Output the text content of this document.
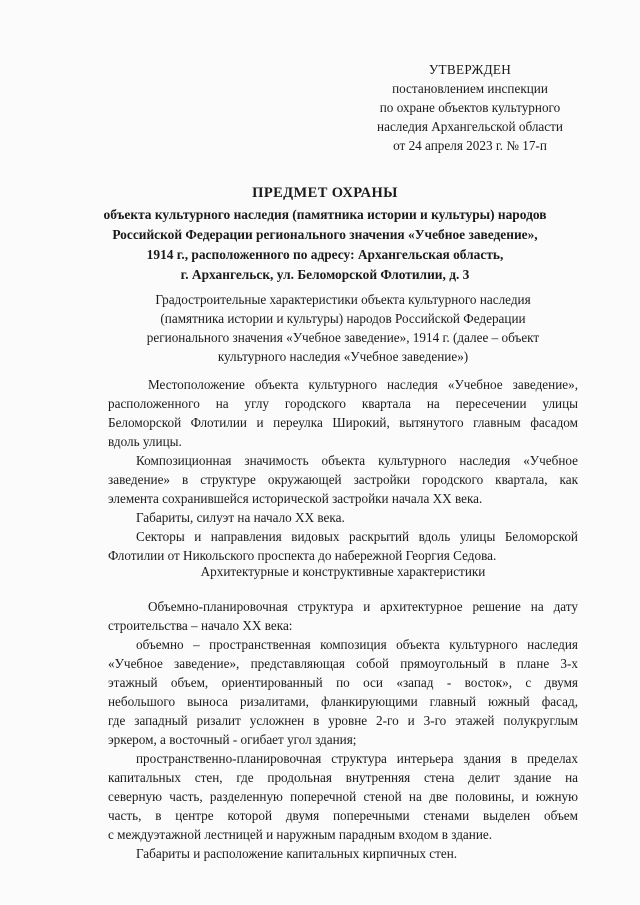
УТВЕРЖДЕН
постановлением инспекции
по охране объектов культурного
наследия Архангельской области
от 24 апреля 2023 г. № 17-п
ПРЕДМЕТ ОХРАНЫ
объекта культурного наследия (памятника истории и культуры) народов
Российской Федерации регионального значения «Учебное заведение»,
1914 г., расположенного по адресу: Архангельская область,
г. Архангельск, ул. Беломорской Флотилии, д. 3
Градостроительные характеристики объекта культурного наследия
(памятника истории и культуры) народов Российской Федерации
регионального значения «Учебное заведение», 1914 г. (далее – объект
культурного наследия «Учебное заведение»)
Местоположение объекта культурного наследия «Учебное заведение»,
расположенного на углу городского квартала на пересечении улицы
Беломорской Флотилии и переулка Широкий, вытянутого главным фасадом
вдоль улицы.
Композиционная значимость объекта культурного наследия «Учебное
заведение» в структуре окружающей застройки городского квартала, как
элемента сохранившейся исторической застройки начала XX века.
Габариты, силуэт на начало XX века.
Секторы и направления видовых раскрытий вдоль улицы Беломорской
Флотилии от Никольского проспекта до набережной Георгия Седова.
Архитектурные и конструктивные характеристики
Объемно-планировочная структура и архитектурное решение на дату
строительства – начало XX века:
объемно – пространственная композиция объекта культурного наследия
«Учебное заведение», представляющая собой прямоугольный в плане 3-х
этажный объем, ориентированный по оси «запад - восток», с двумя
небольшого выноса ризалитами, фланкирующими главный южный фасад,
где западный ризалит усложнен в уровне 2-го и 3-го этажей полукруглым
эркером, а восточный - огибает угол здания;
пространственно-планировочная структура интерьера здания в пределах
капитальных стен, где продольная внутренняя стена делит здание на
северную часть, разделенную поперечной стеной на две половины, и южную
часть, в центре которой двумя поперечными стенами выделен объем
с междуэтажной лестницей и наружным парадным входом в здание.
Габариты и расположение капитальных кирпичных стен.
